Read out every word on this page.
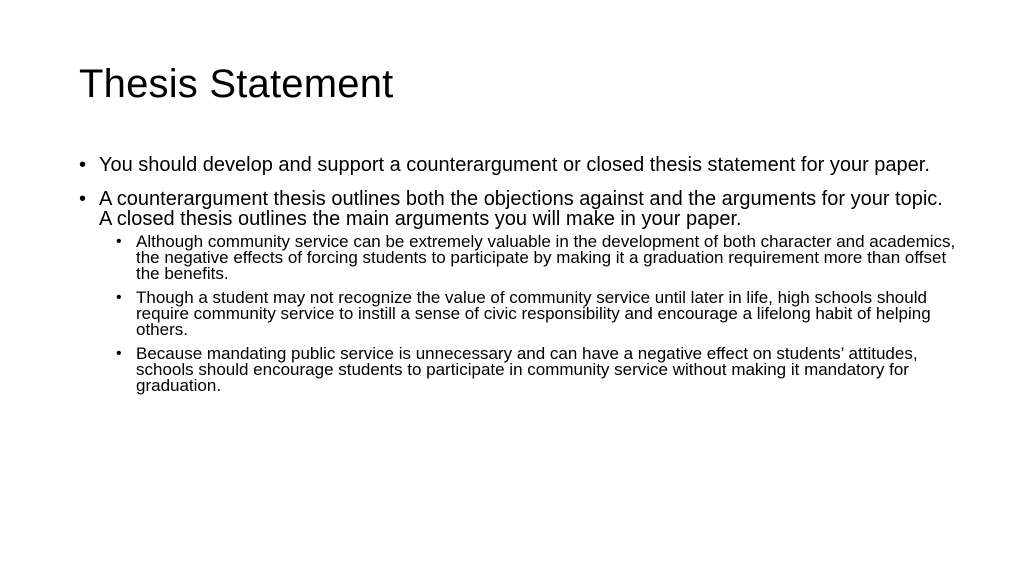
Thesis Statement
• You should develop and support a counterargument or closed thesis statement for your paper.
• A counterargument thesis outlines both the objections against and the arguments for your topic. A closed thesis outlines the main arguments you will make in your paper.
• Although community service can be extremely valuable in the development of both character and academics, the negative effects of forcing students to participate by making it a graduation requirement more than offset the benefits.
• Though a student may not recognize the value of community service until later in life, high schools should require community service to instill a sense of civic responsibility and encourage a lifelong habit of helping others.
• Because mandating public service is unnecessary and can have a negative effect on students’ attitudes, schools should encourage students to participate in community service without making it mandatory for graduation.
